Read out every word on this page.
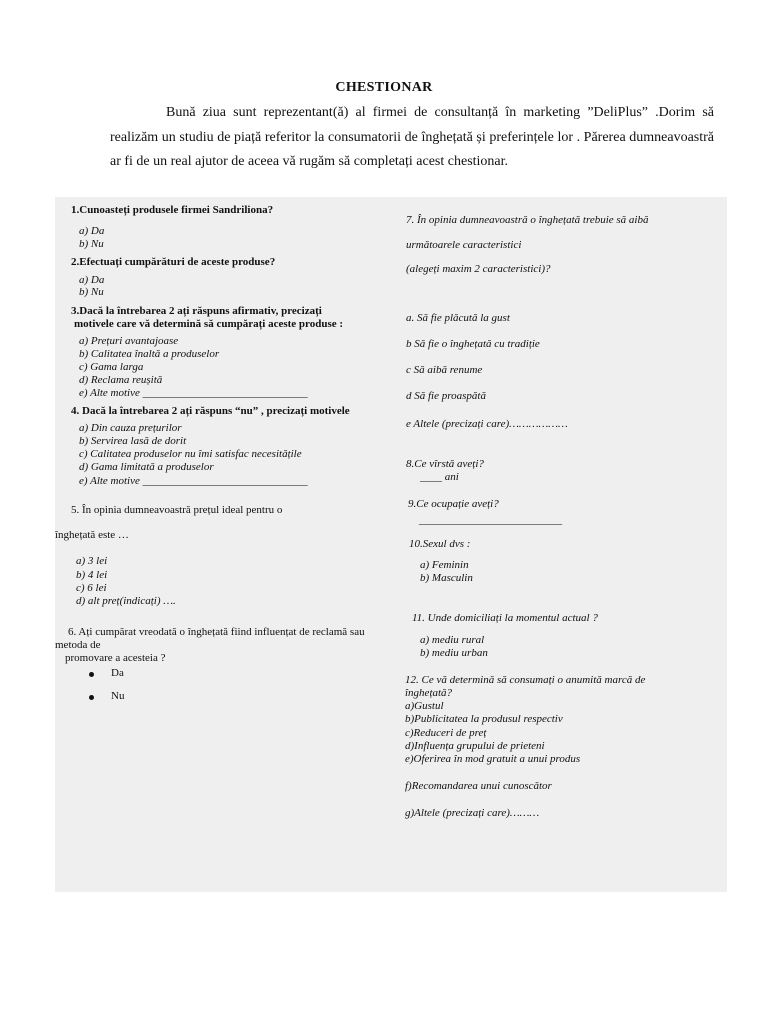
CHESTIONAR
Bună ziua sunt reprezentant(ă) al firmei de consultanță în marketing ”DeliPlus” .Dorim să realizăm un studiu de piață referitor la consumatorii de înghețată și preferințele lor . Părerea dumneavoastră ar fi de un real ajutor de aceea vă rugăm să completați acest chestionar.
1.Cunoasteți produsele firmei Sandriliona?
a) Da
b) Nu
2.Efectuați cumpărături de aceste produse?
a) Da
b) Nu
3.Dacă la întrebarea 2 ați răspuns afirmativ, precizați
motivele care vă determină să cumpărați aceste produse :
a) Prețuri avantajoase
b) Calitatea înaltă a produselor
c) Gama larga
d) Reclama reușită
e) Alte motive ______________________________
4. Dacă la întrebarea 2 ați răspuns “nu” , precizați motivele
a) Din cauza prețurilor
b) Servirea lasă de dorit
c) Calitatea produselor nu îmi satisfac necesitățile
d) Gama limitată a produselor
e) Alte motive ______________________________
5. În opinia dumneavoastră prețul ideal pentru o
înghețată este …
a) 3 lei
b) 4 lei
c) 6 lei
d) alt preț(indicați) ….
6. Ați cumpărat vreodată o înghețată fiind influențat de reclamă sau
metoda de
promovare a acesteia ?
Da
Nu
7. În opinia dumneavoastră o înghețată trebuie să aibă
următoarele caracteristici
(alegeți maxim 2 caracteristici)?
a. Să fie plăcută la gust
b Să fie o înghețată cu tradiție
c Să aibă renume
d Să fie proaspătă
e Altele (precizați care)………………
8.Ce vîrstă aveți?
____ ani
9.Ce ocupație aveți?
__________________________
10.Sexul dvs :
a) Feminin
b) Masculin
11. Unde domiciliați la momentul actual ?
a) mediu rural
b) mediu urban
12. Ce vă determină să consumați o anumită marcă de
înghețată?
a)Gustul
b)Publicitatea la produsul respectiv
c)Reduceri de preț
d)Influența grupului de prieteni
e)Oferirea în mod gratuit a unui produs
f)Recomandarea unui cunoscător
g)Altele (precizați care)………
